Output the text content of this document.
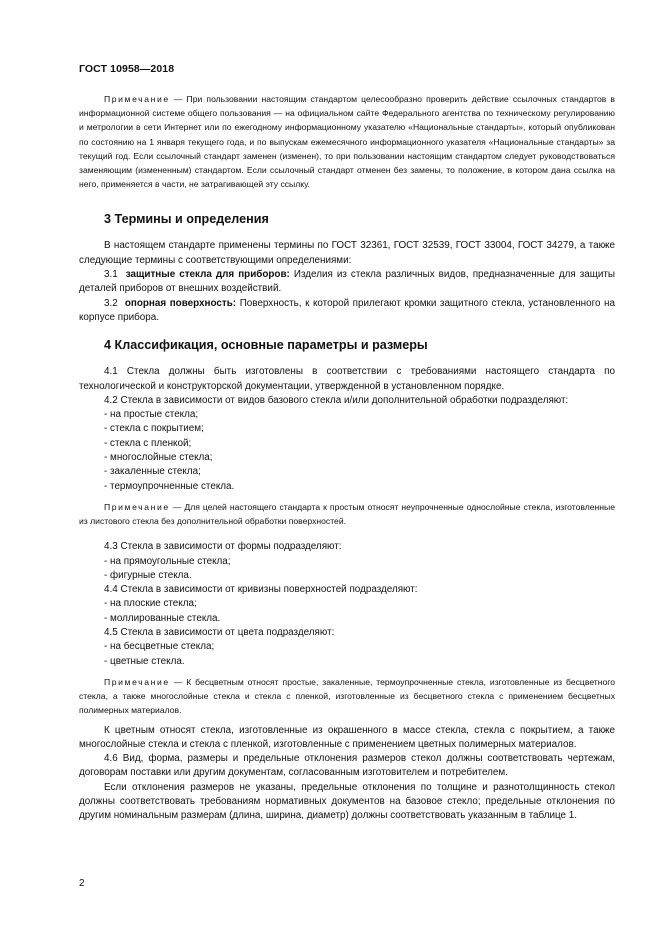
ГОСТ 10958—2018

Примечание — При пользовании настоящим стандартом целесообразно проверить действие ссылочных стандартов в информационной системе общего пользования — на официальном сайте Федерального агентства по техническому регулированию и метрологии в сети Интернет или по ежегодному информационному указателю «Национальные стандарты», который опубликован по состоянию на 1 января текущего года, и по выпускам ежемесячного информационного указателя «Национальные стандарты» за текущий год. Если ссылочный стандарт заменен (изменен), то при пользовании настоящим стандартом следует руководствоваться заменяющим (измененным) стандартом. Если ссылочный стандарт отменен без замены, то положение, в котором дана ссылка на него, применяется в части, не затрагивающей эту ссылку.

3 Термины и определения

В настоящем стандарте применены термины по ГОСТ 32361, ГОСТ 32539, ГОСТ 33004, ГОСТ 34279, а также следующие термины с соответствующими определениями:

3.1 защитные стекла для приборов: Изделия из стекла различных видов, предназначенные для защиты деталей приборов от внешних воздействий.

3.2 опорная поверхность: Поверхность, к которой прилегают кромки защитного стекла, установленного на корпусе прибора.

4 Классификация, основные параметры и размеры

4.1 Стекла должны быть изготовлены в соответствии с требованиями настоящего стандарта по технологической и конструкторской документации, утвержденной в установленном порядке.

4.2 Стекла в зависимости от видов базового стекла и/или дополнительной обработки подразделяют:

- на простые стекла;

- стекла с покрытием;

- стекла с пленкой;

- многослойные стекла;

- закаленные стекла;

- термоупрочненные стекла.

Примечание — Для целей настоящего стандарта к простым относят неупрочненные однослойные стекла, изготовленные из листового стекла без дополнительной обработки поверхностей.

4.3 Стекла в зависимости от формы подразделяют:

- на прямоугольные стекла;

- фигурные стекла.

4.4 Стекла в зависимости от кривизны поверхностей подразделяют:

- на плоские стекла;

- моллированные стекла.

4.5 Стекла в зависимости от цвета подразделяют:

- на бесцветные стекла;

- цветные стекла.

Примечание — К бесцветным относят простые, закаленные, термоупрочненные стекла, изготовленные из бесцветного стекла, а также многослойные стекла и стекла с пленкой, изготовленные из бесцветного стекла с применением бесцветных полимерных материалов.

К цветным относят стекла, изготовленные из окрашенного в массе стекла, стекла с покрытием, а также многослойные стекла и стекла с пленкой, изготовленные с применением цветных полимерных материалов.

4.6 Вид, форма, размеры и предельные отклонения размеров стекол должны соответствовать чертежам, договорам поставки или другим документам, согласованным изготовителем и потребителем.

Если отклонения размеров не указаны, предельные отклонения по толщине и разнотолщинность стекол должны соответствовать требованиям нормативных документов на базовое стекло; предельные отклонения по другим номинальным размерам (длина, ширина, диаметр) должны соответствовать указанным в таблице 1.

2
